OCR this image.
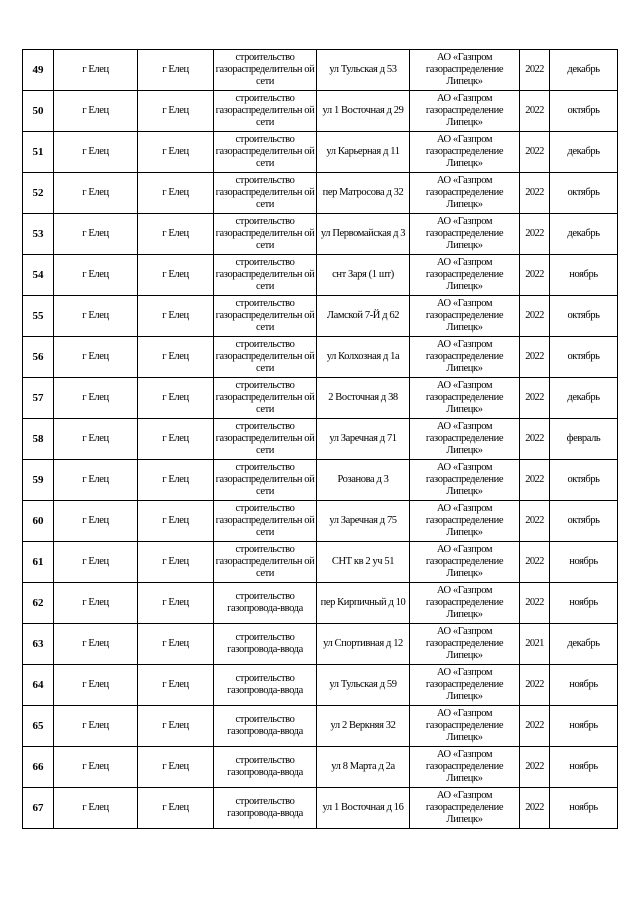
49	г Елец	г Елец	строительство газораспределительн ой сети	ул Тульская д 53	АО «Газпром газораспределение Липецк»	2022	декабрь
50	г Елец	г Елец	строительство газораспределительн ой сети	ул 1 Восточная д 29	АО «Газпром газораспределение Липецк»	2022	октябрь
51	г Елец	г Елец	строительство газораспределительн ой сети	ул Карьерная д 11	АО «Газпром газораспределение Липецк»	2022	декабрь
52	г Елец	г Елец	строительство газораспределительн ой сети	пер Матросова д 32	АО «Газпром газораспределение Липецк»	2022	октябрь
53	г Елец	г Елец	строительство газораспределительн ой сети	ул Первомайская д 3	АО «Газпром газораспределение Липецк»	2022	декабрь
54	г Елец	г Елец	строительство газораспределительн ой сети	снт Заря (1 шт)	АО «Газпром газораспределение Липецк»	2022	ноябрь
55	г Елец	г Елец	строительство газораспределительн ой сети	Ламской 7-Й д 62	АО «Газпром газораспределение Липецк»	2022	октябрь
56	г Елец	г Елец	строительство газораспределительн ой сети	ул Колхозная д 1а	АО «Газпром газораспределение Липецк»	2022	октябрь
57	г Елец	г Елец	строительство газораспределительн ой сети	2 Восточная д 38	АО «Газпром газораспределение Липецк»	2022	декабрь
58	г Елец	г Елец	строительство газораспределительн ой сети	ул Заречная д 71	АО «Газпром газораспределение Липецк»	2022	февраль
59	г Елец	г Елец	строительство газораспределительн ой сети	Розанова д 3	АО «Газпром газораспределение Липецк»	2022	октябрь
60	г Елец	г Елец	строительство газораспределительн ой сети	ул Заречная д 75	АО «Газпром газораспределение Липецк»	2022	октябрь
61	г Елец	г Елец	строительство газораспределительн ой сети	СНТ кв 2 уч 51	АО «Газпром газораспределение Липецк»	2022	ноябрь
62	г Елец	г Елец	строительство газопровода-ввода	пер Кирпичный д 10	АО «Газпром газораспределение Липецк»	2022	ноябрь
63	г Елец	г Елец	строительство газопровода-ввода	ул Спортивная д 12	АО «Газпром газораспределение Липецк»	2021	декабрь
64	г Елец	г Елец	строительство газопровода-ввода	ул Тульская д 59	АО «Газпром газораспределение Липецк»	2022	ноябрь
65	г Елец	г Елец	строительство газопровода-ввода	ул 2 Веркняя 32	АО «Газпром газораспределение Липецк»	2022	ноябрь
66	г Елец	г Елец	строительство газопровода-ввода	ул 8 Марта д 2а	АО «Газпром газораспределение Липецк»	2022	ноябрь
67	г Елец	г Елец	строительство газопровода-ввода	ул 1 Восточная д 16	АО «Газпром газораспределение Липецк»	2022	ноябрь
